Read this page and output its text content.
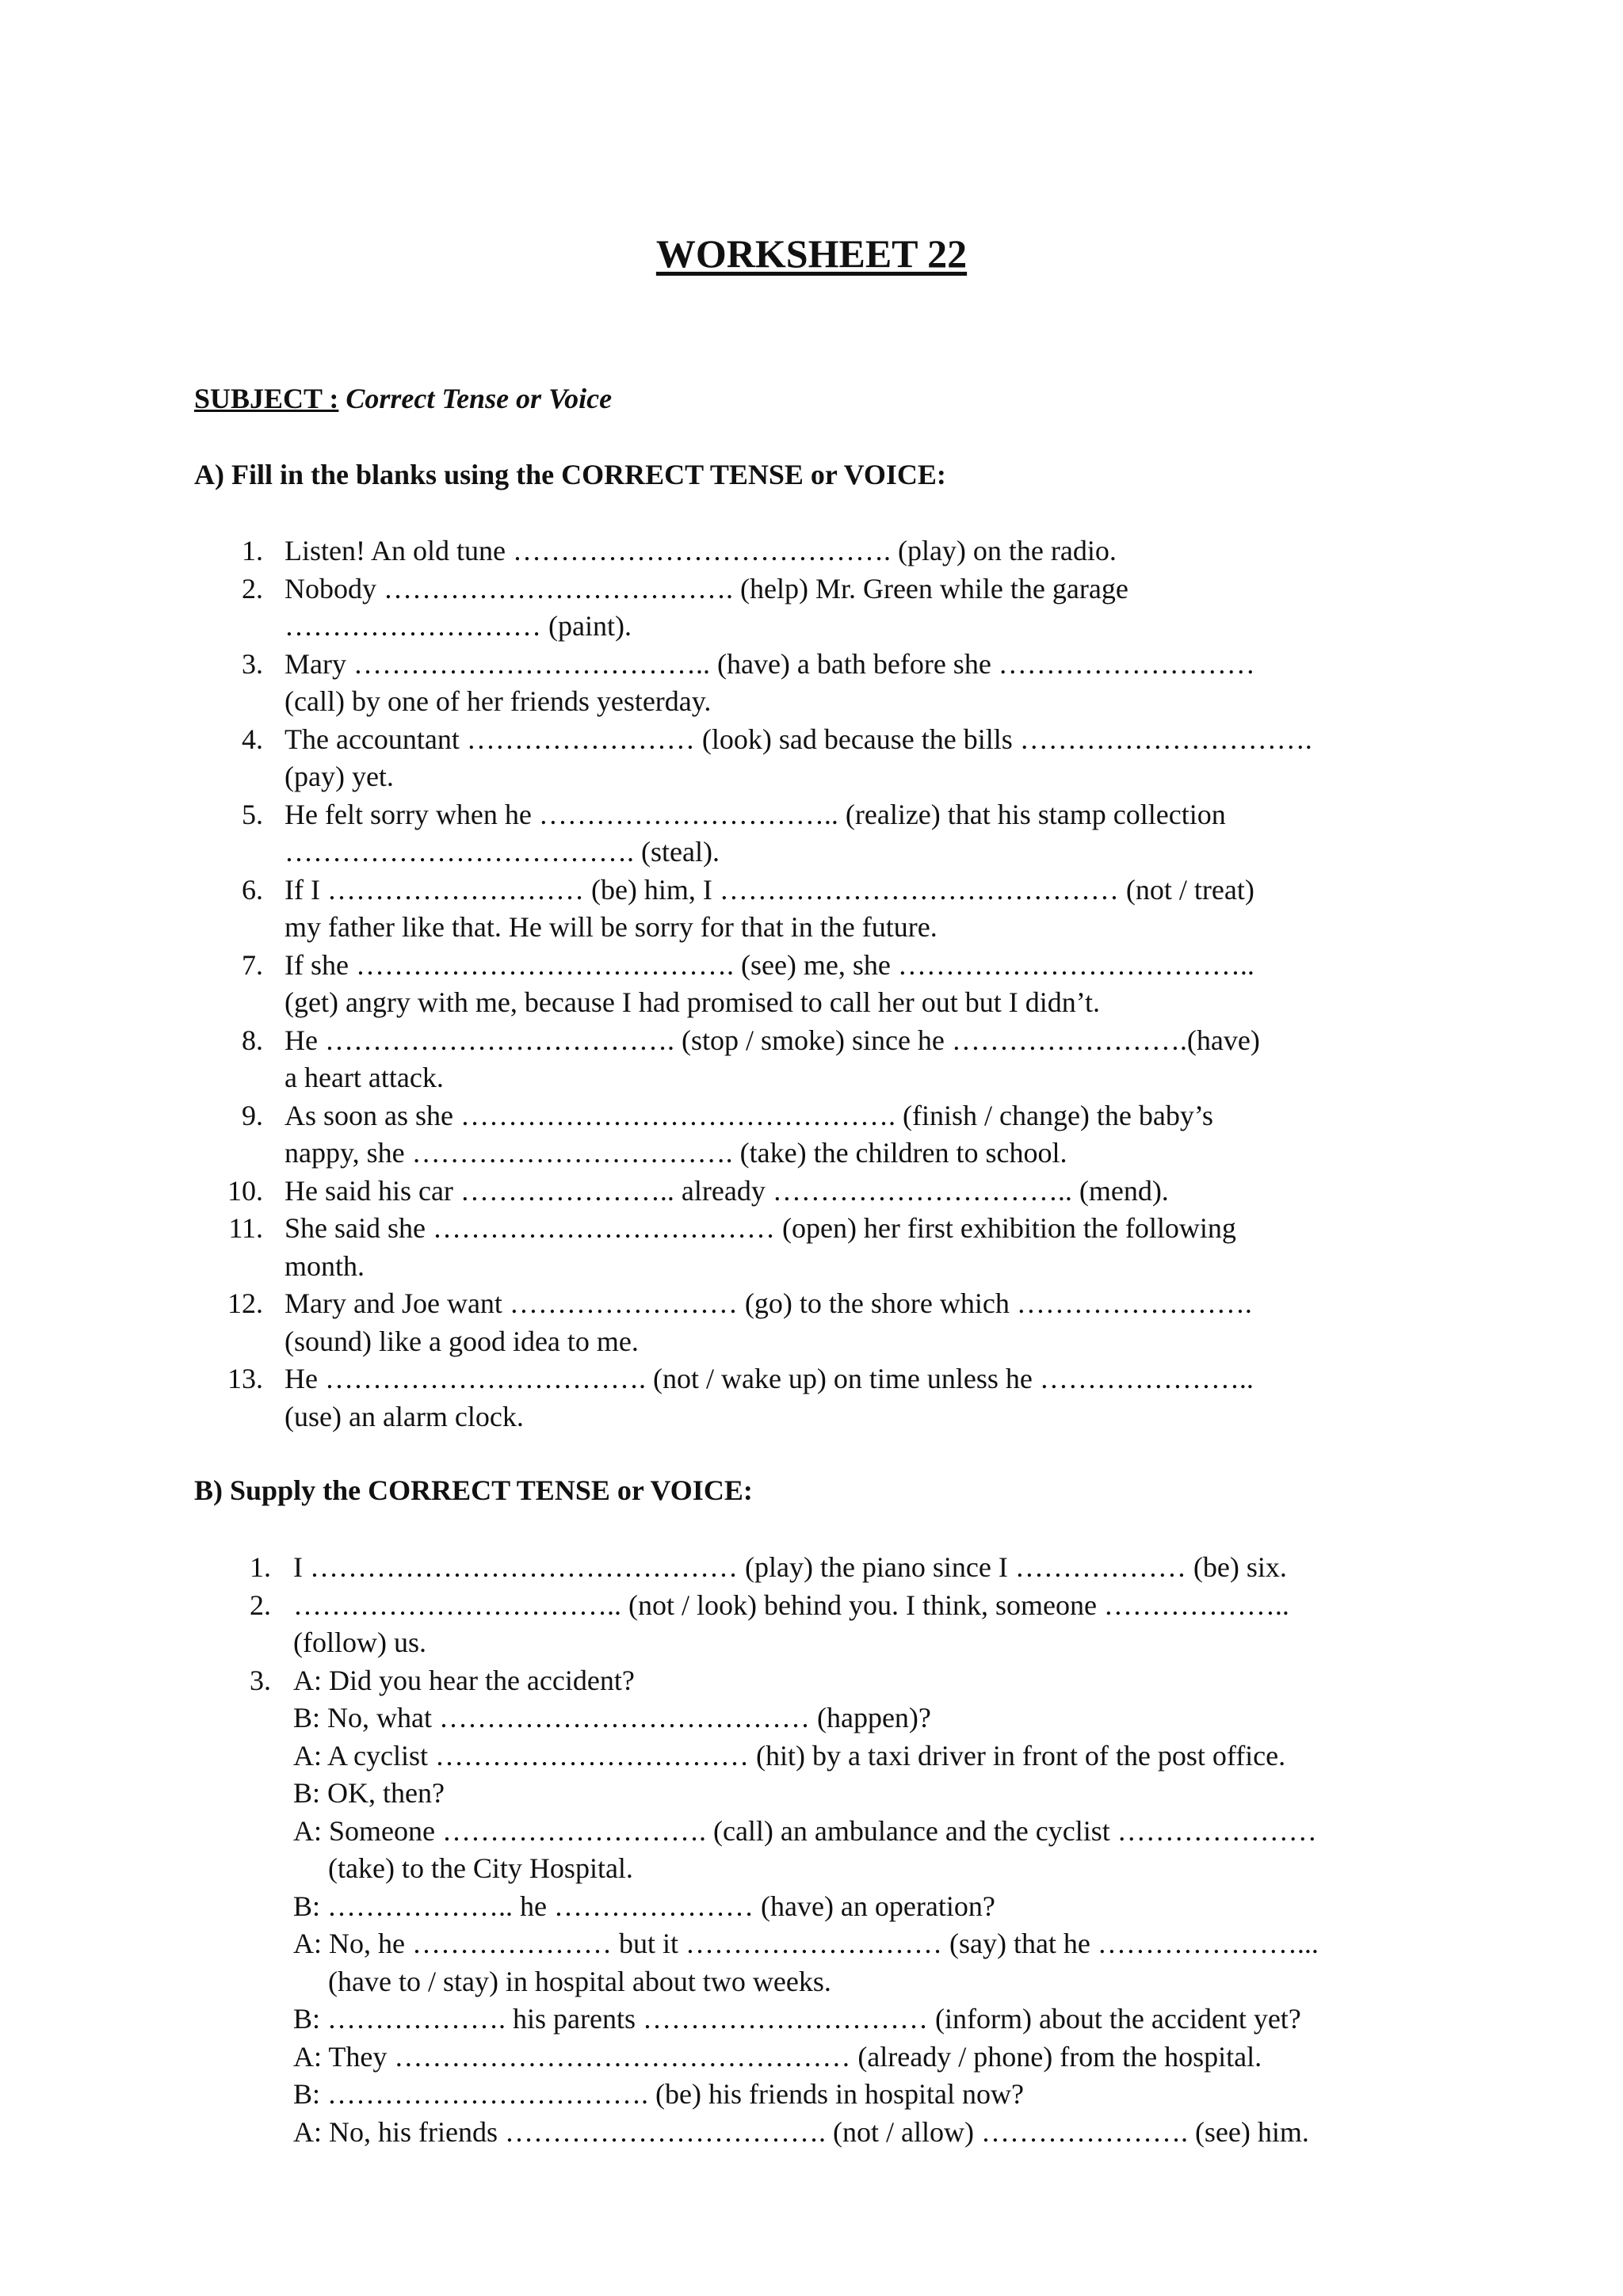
WORKSHEET 22
SUBJECT : Correct Tense or Voice
A) Fill in the blanks using the CORRECT TENSE or VOICE:
1. Listen! An old tune …………………………………. (play) on the radio.
2. Nobody ………………………………. (help) Mr. Green while the garage
……………………… (paint).
3. Mary ……………………………….. (have) a bath before she ………………………
(call) by one of her friends yesterday.
4. The accountant …………………… (look) sad because the bills ………………………….
(pay) yet.
5. He felt sorry when he ………………………….. (realize) that his stamp collection
………………………………. (steal).
6. If I ……………………… (be) him, I …………………………………… (not / treat)
my father like that. He will be sorry for that in the future.
7. If she …………………………………. (see) me, she ………………………………..
(get) angry with me, because I had promised to call her out but I didn’t.
8. He ………………………………. (stop / smoke) since he …………………….(have)
a heart attack.
9. As soon as she ………………………………………. (finish / change) the baby’s
nappy, she ……………………………. (take) the children to school.
10. He said his car ………………….. already ………………………….. (mend).
11. She said she ……………………………… (open) her first exhibition the following
month.
12. Mary and Joe want …………………… (go) to the shore which …………………….
(sound) like a good idea to me.
13. He ……………………………. (not / wake up) on time unless he …………………..
(use) an alarm clock.
B) Supply the CORRECT TENSE or VOICE:
1. I ……………………………………… (play) the piano since I ……………… (be) six.
2. …………………………….. (not / look) behind you. I think, someone ………………..
(follow) us.
3. A: Did you hear the accident?
B: No, what ………………………………… (happen)?
A: A cyclist …………………………… (hit) by a taxi driver in front of the post office.
B: OK, then?
A: Someone ………………………. (call) an ambulance and the cyclist …………………
(take) to the City Hospital.
B: ……………….. he ………………… (have) an operation?
A: No, he ………………… but it ……………………… (say) that he …………………...
(have to / stay) in hospital about two weeks.
B: ………………. his parents ………………………… (inform) about the accident yet?
A: They ………………………………………… (already / phone) from the hospital.
B: ……………………………. (be) his friends in hospital now?
A: No, his friends ……………………………. (not / allow) …………………. (see) him.
